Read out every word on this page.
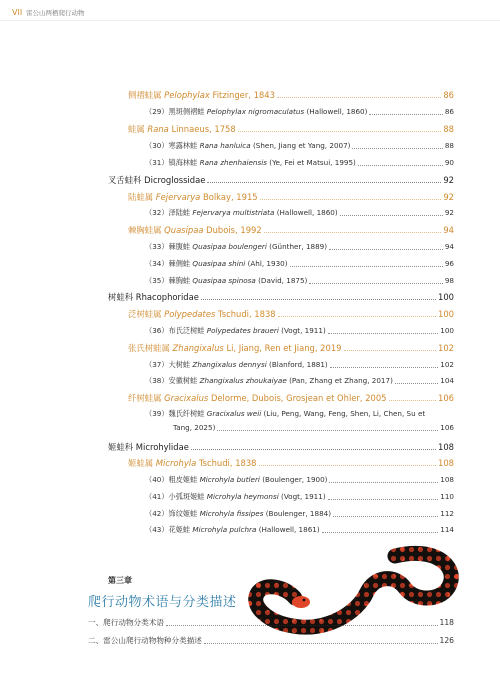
VII 雷公山两栖爬行动物
侧褶蛙属 Pelophylax Fitzinger, 1843	86
（29）黑斑侧褶蛙 Pelophylax nigromaculatus (Hallowell, 1860)	86
蛙属 Rana Linnaeus, 1758	88
（30）寒露林蛙 Rana hanluica (Shen, Jiang et Yang, 2007)	88
（31）镇海林蛙 Rana zhenhaiensis (Ye, Fei et Matsui, 1995)	90
叉舌蛙科 Dicroglossidae	92
陆蛙属 Fejervarya Bolkay, 1915	92
（32）泽陆蛙 Fejervarya multistriata (Hallowell, 1860)	92
棘胸蛙属 Quasipaa Dubois, 1992	94
（33）棘腹蛙 Quasipaa boulengeri (Günther, 1889)	94
（34）棘侧蛙 Quasipaa shini (Ahl, 1930)	96
（35）棘胸蛙 Quasipaa spinosa (David, 1875)	98
树蛙科 Rhacophoridae	100
泛树蛙属 Polypedates Tschudi, 1838	100
（36）布氏泛树蛙 Polypedates braueri (Vogt, 1911)	100
张氏树蛙属 Zhangixalus Li, Jiang, Ren et Jiang, 2019	102
（37）大树蛙 Zhangixalus dennysi (Blanford, 1881)	102
（38）安徽树蛙 Zhangixalus zhoukaiyae (Pan, Zhang et Zhang, 2017)	104
纤树蛙属 Gracixalus Delorme, Dubois, Grosjean et Ohler, 2005	106
（39）魏氏纤树蛙 Gracixalus weii (Liu, Peng, Wang, Feng, Shen, Li, Chen, Su et
Tang, 2025)	106
姬蛙科 Microhylidae	108
姬蛙属 Microhyla Tschudi, 1838	108
（40）粗皮姬蛙 Microhyla butleri (Boulenger, 1900)	108
（41）小弧斑姬蛙 Microhyla heymonsi (Vogt, 1911)	110
（42）饰纹姬蛙 Microhyla fissipes (Boulenger, 1884)	112
（43）花姬蛙 Microhyla pulchra (Hallowell, 1861)	114
第三章
爬行动物术语与分类描述
一、爬行动物分类术语	118
二、雷公山爬行动物物种分类描述	126
